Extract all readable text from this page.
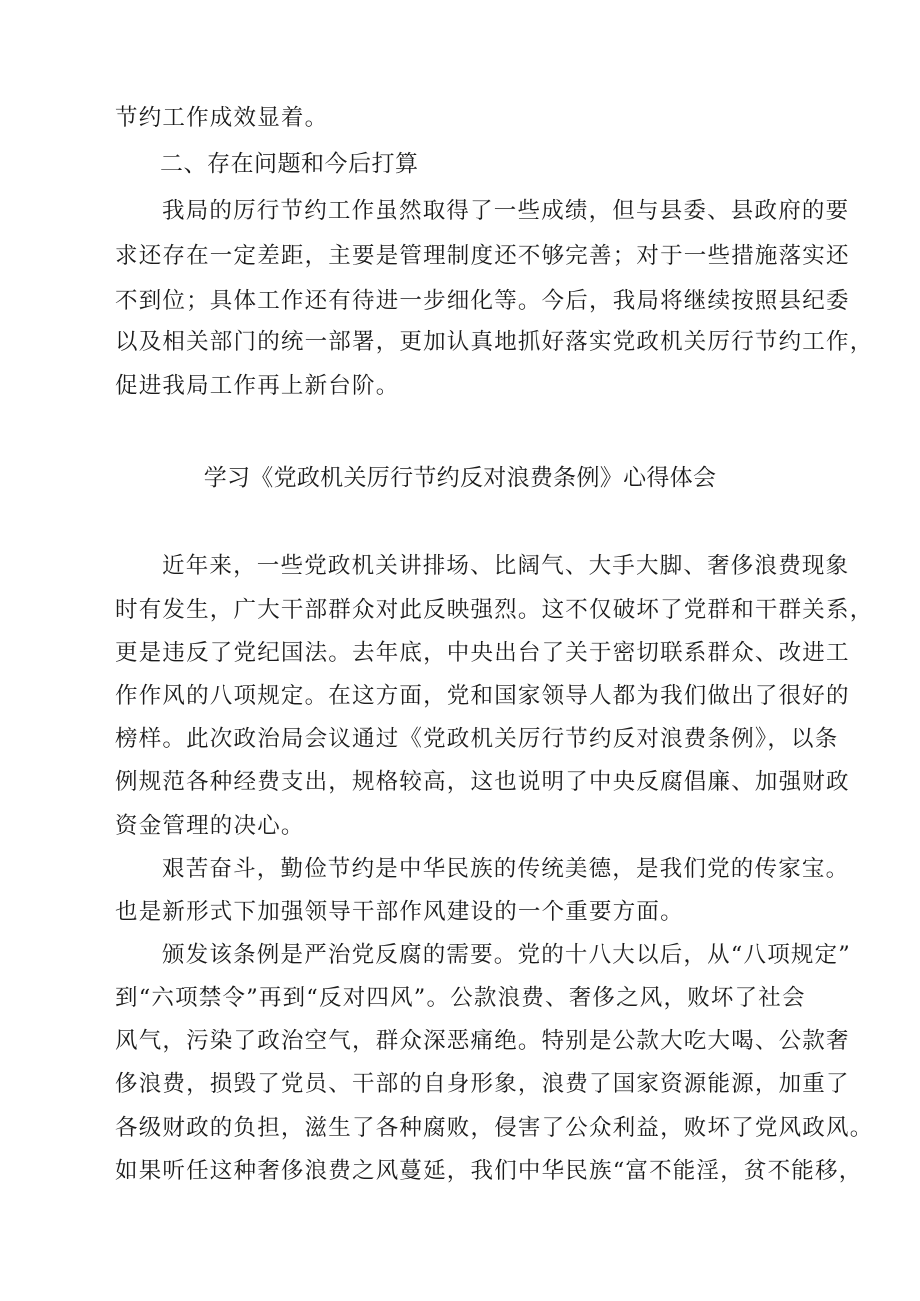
节约工作成效显着。
二、存在问题和今后打算
我局的厉行节约工作虽然取得了一些成绩，但与县委、县政府的要
求还存在一定差距，主要是管理制度还不够完善；对于一些措施落实还
不到位；具体工作还有待进一步细化等。今后，我局将继续按照县纪委
以及相关部门的统一部署，更加认真地抓好落实党政机关厉行节约工作，
促进我局工作再上新台阶。
学习《党政机关厉行节约反对浪费条例》心得体会
近年来，一些党政机关讲排场、比阔气、大手大脚、奢侈浪费现象
时有发生，广大干部群众对此反映强烈。这不仅破坏了党群和干群关系，
更是违反了党纪国法。去年底，中央出台了关于密切联系群众、改进工
作作风的八项规定。在这方面，党和国家领导人都为我们做出了很好的
榜样。此次政治局会议通过《党政机关厉行节约反对浪费条例》，以条
例规范各种经费支出，规格较高，这也说明了中央反腐倡廉、加强财政
资金管理的决心。
艰苦奋斗，勤俭节约是中华民族的传统美德，是我们党的传家宝。
也是新形式下加强领导干部作风建设的一个重要方面。
颁发该条例是严治党反腐的需要。党的十八大以后，从“八项规定”
到“六项禁令”再到“反对四风”。公款浪费、奢侈之风，败坏了社会
风气，污染了政治空气，群众深恶痛绝。特别是公款大吃大喝、公款奢
侈浪费，损毁了党员、干部的自身形象，浪费了国家资源能源，加重了
各级财政的负担，滋生了各种腐败，侵害了公众利益，败坏了党风政风。
如果听任这种奢侈浪费之风蔓延，我们中华民族“富不能淫，贫不能移，
